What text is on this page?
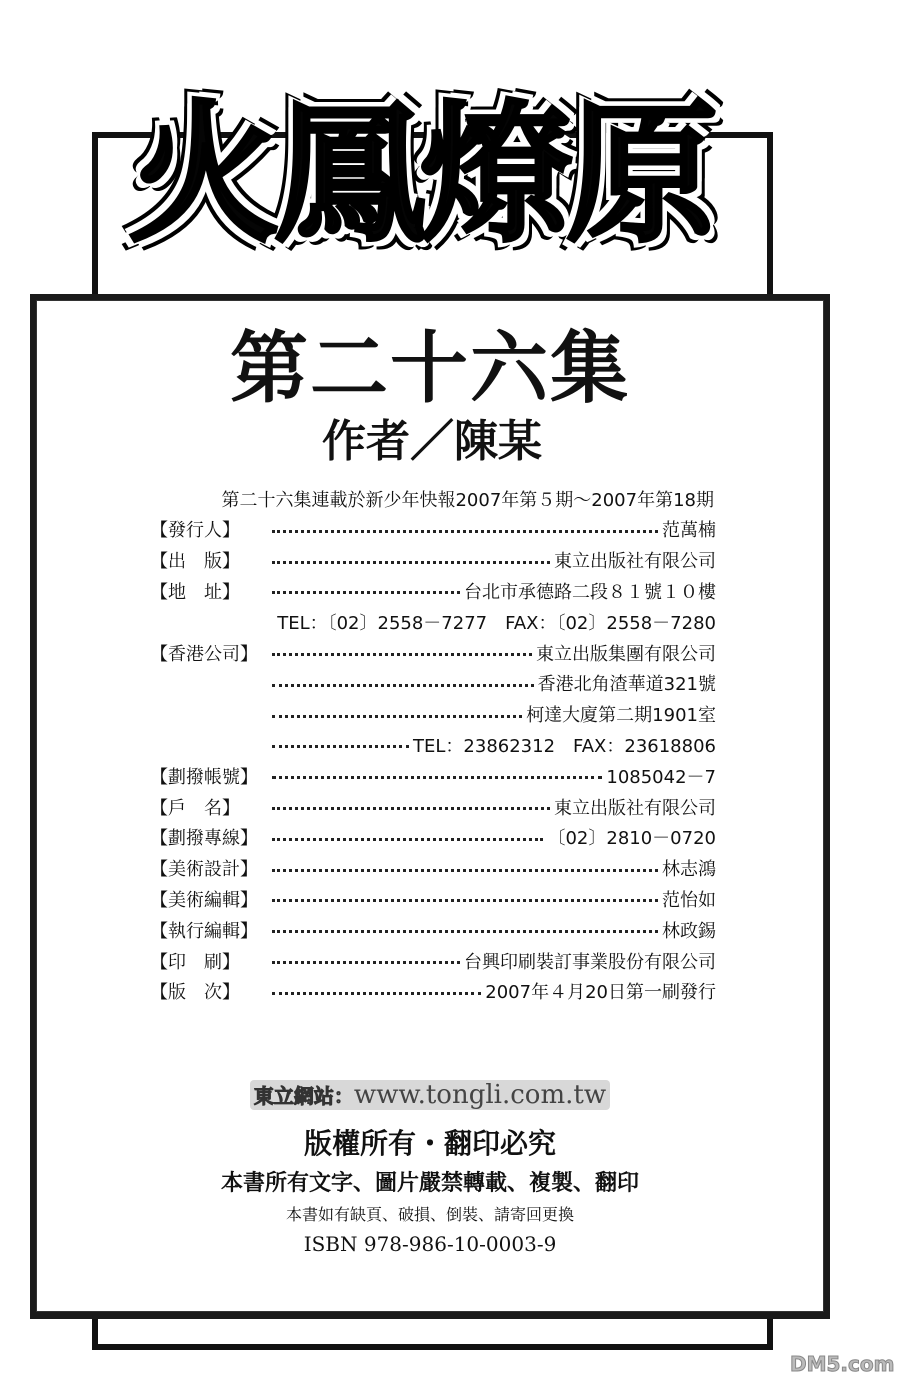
火鳳燎原
第二十六集
作者／陳某
第二十六集連載於新少年快報2007年第５期～2007年第18期
【發行人】	范萬楠
【出　版】	東立出版社有限公司
【地　址】	台北市承德路二段８１號１０樓
TEL：〔02〕2558－7277　FAX：〔02〕2558－7280
【香港公司】	東立出版集團有限公司
香港北角渣華道321號
柯達大廈第二期1901室
TEL：23862312　FAX：23618806
【劃撥帳號】	1085042－7
【戶　名】	東立出版社有限公司
【劃撥專線】	〔02〕2810－0720
【美術設計】	林志鴻
【美術編輯】	范怡如
【執行編輯】	林政錫
【印　刷】	台興印刷裝訂事業股份有限公司
【版　次】	2007年４月20日第一刷發行
東立網站：www.tongli.com.tw
版權所有・翻印必究
本書所有文字、圖片嚴禁轉載、複製、翻印
本書如有缺頁、破損、倒裝、請寄回更換
ISBN 978-986-10-0003-9
DM5.com
